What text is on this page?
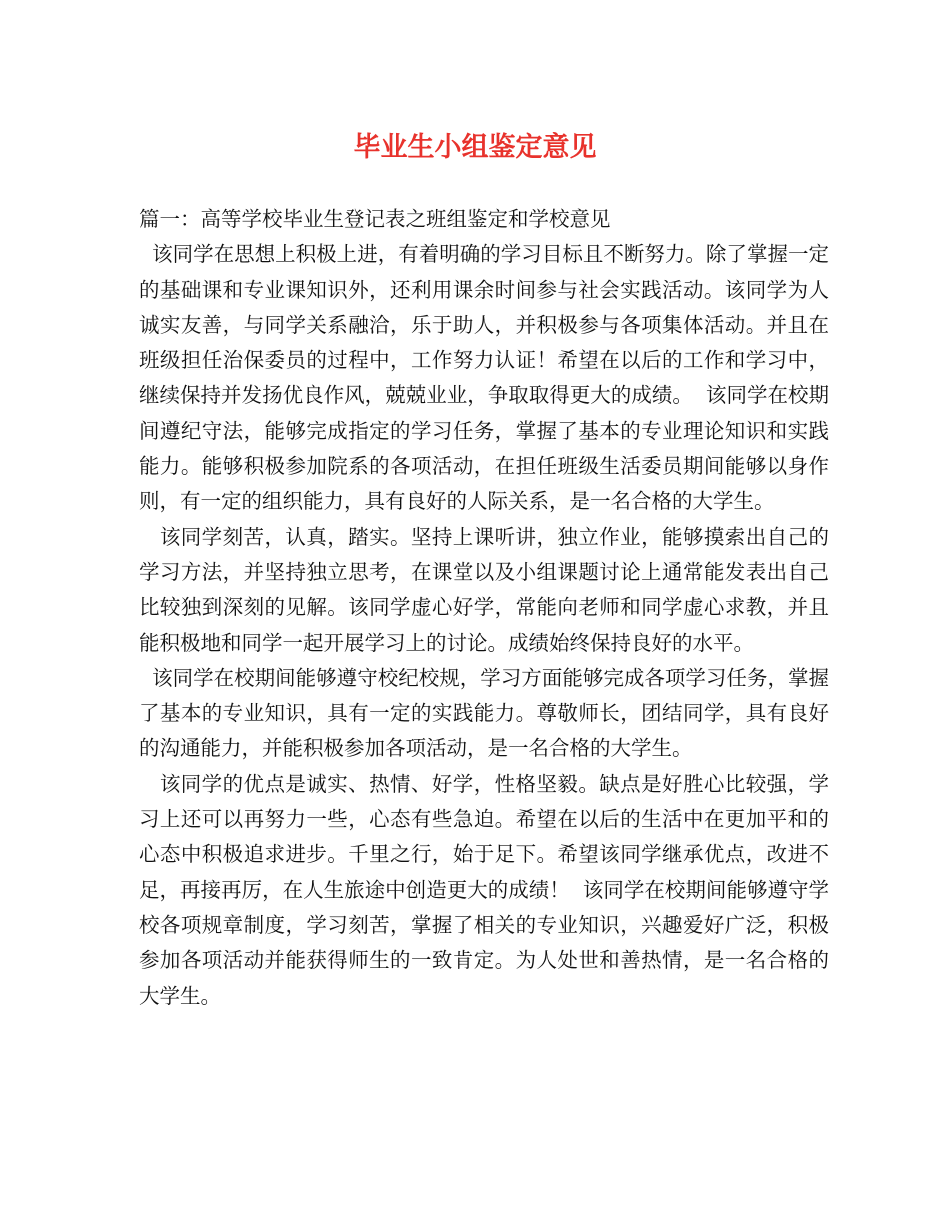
毕业生小组鉴定意见

篇一：高等学校毕业生登记表之班组鉴定和学校意见

该同学在思想上积极上进，有着明确的学习目标且不断努力。除了掌握一定的基础课和专业课知识外，还利用课余时间参与社会实践活动。该同学为人诚实友善，与同学关系融洽，乐于助人，并积极参与各项集体活动。并且在班级担任治保委员的过程中，工作努力认证！希望在以后的工作和学习中，继续保持并发扬优良作风，兢兢业业，争取取得更大的成绩。  该同学在校期间遵纪守法，能够完成指定的学习任务，掌握了基本的专业理论知识和实践能力。能够积极参加院系的各项活动，在担任班级生活委员期间能够以身作则，有一定的组织能力，具有良好的人际关系，是一名合格的大学生。

该同学刻苦，认真，踏实。坚持上课听讲，独立作业，能够摸索出自己的学习方法，并坚持独立思考，在课堂以及小组课题讨论上通常能发表出自己比较独到深刻的见解。该同学虚心好学，常能向老师和同学虚心求教，并且能积极地和同学一起开展学习上的讨论。成绩始终保持良好的水平。

该同学在校期间能够遵守校纪校规，学习方面能够完成各项学习任务，掌握了基本的专业知识，具有一定的实践能力。尊敬师长，团结同学，具有良好的沟通能力，并能积极参加各项活动，是一名合格的大学生。

该同学的优点是诚实、热情、好学，性格坚毅。缺点是好胜心比较强，学习上还可以再努力一些，心态有些急迫。希望在以后的生活中在更加平和的心态中积极追求进步。千里之行，始于足下。希望该同学继承优点，改进不足，再接再厉，在人生旅途中创造更大的成绩！  该同学在校期间能够遵守学校各项规章制度，学习刻苦，掌握了相关的专业知识，兴趣爱好广泛，积极参加各项活动并能获得师生的一致肯定。为人处世和善热情，是一名合格的大学生。
